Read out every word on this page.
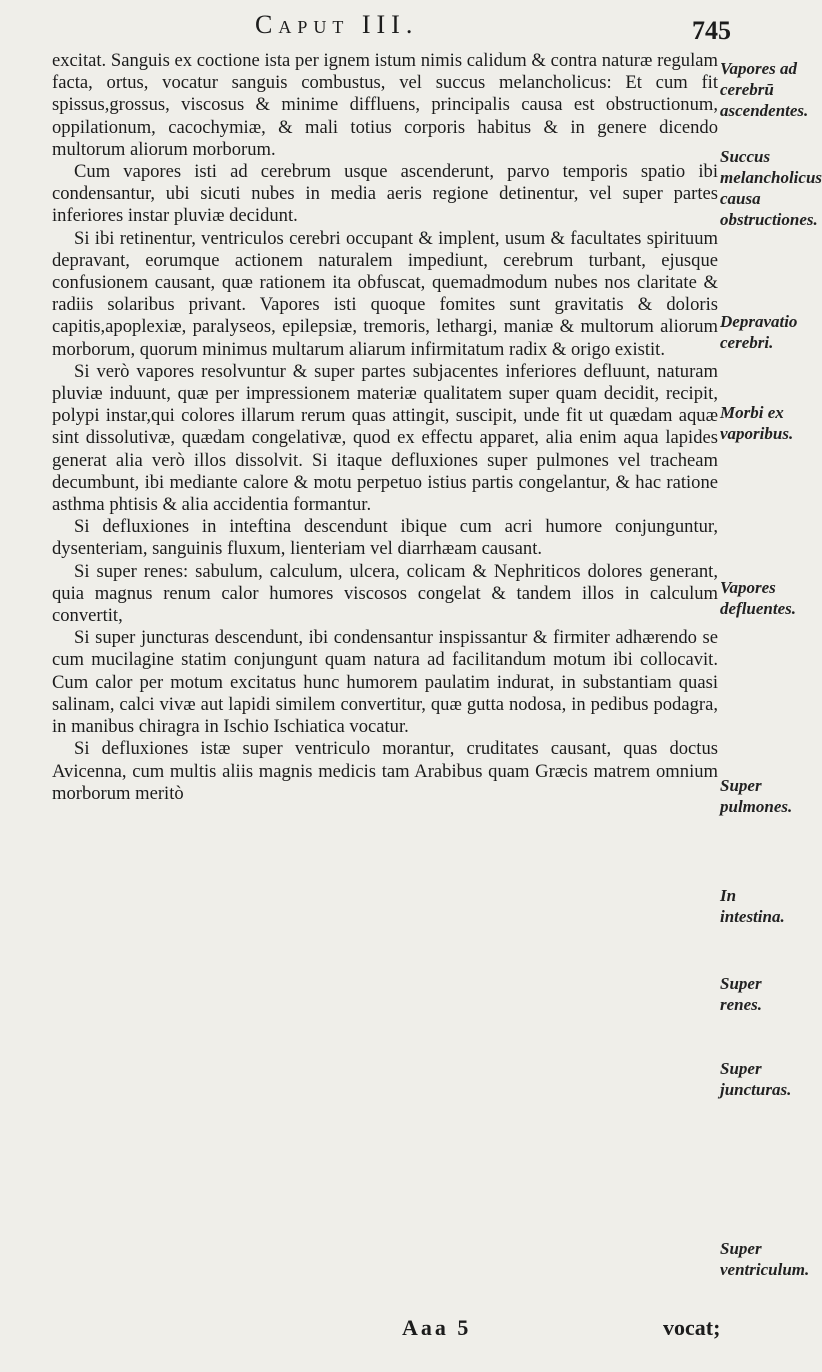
Caput III.	745

excitat. Sanguis ex coctione ista per ignem istum nimis calidum & contra naturæ regulam facta, ortus, vocatur sanguis combustus, vel succus melancholicus: Et cum fit spissus,grossus, viscosus & minime diffluens, principalis causa est obstructionum, oppilationum, cacochymiæ, & mali totius corporis habitus & in genere dicendo multorum aliorum morborum.

Cum vapores isti ad cerebrum usque ascenderunt, parvo temporis spatio ibi condensantur, ubi sicuti nubes in media aeris regione detinentur, vel super partes inferiores instar pluviæ decidunt.

Si ibi retinentur, ventriculos cerebri occupant & implent, usum & facultates spirituum depravant, eorumque actionem naturalem impediunt, cerebrum turbant, ejusque confusionem causant, quæ rationem ita obfuscat, quemadmodum nubes nos claritate & radiis solaribus privant. Vapores isti quoque fomites sunt gravitatis & doloris capitis,apoplexiæ, paralyseos, epilepsiæ, tremoris, lethargi, maniæ & multorum aliorum morborum, quorum minimus multarum aliarum infirmitatum radix & origo existit.

Si verò vapores resolvuntur & super partes subjacentes inferiores defluunt, naturam pluviæ induunt, quæ per impressionem materiæ qualitatem super quam decidit, recipit, polypi instar,qui colores illarum rerum quas attingit, suscipit, unde fit ut quædam aquæ sint dissolutivæ, quædam congelativæ, quod ex effectu apparet, alia enim aqua lapides generat alia verò illos dissolvit. Si itaque defluxiones super pulmones vel tracheam decumbunt, ibi mediante calore & motu perpetuo istius partis congelantur, & hac ratione asthma phtisis & alia accidentia formantur.

Si defluxiones in inteftina descendunt ibique cum acri humore conjunguntur, dysenteriam, sanguinis fluxum, lienteriam vel diarrhæam causant.

Si super renes: sabulum, calculum, ulcera, colicam & Nephriticos dolores generant, quia magnus renum calor humores viscosos congelat & tandem illos in calculum convertit,

Si super juncturas descendunt, ibi condensantur inspissantur & firmiter adhærendo se cum mucilagine statim conjungunt quam natura ad facilitandum motum ibi collocavit. Cum calor per motum excitatus hunc humorem paulatim indurat, in substantiam quasi salinam, calci vivæ aut lapidi similem convertitur, quæ gutta nodosa, in pedibus podagra, in manibus chiragra in Ischio Ischiatica vocatur.

Si defluxiones istæ super ventriculo morantur, cruditates causant, quas doctus Avicenna, cum multis aliis magnis medicis tam Arabibus quam Græcis matrem omnium morborum meritò

Vapores ad cerebrū ascendentes.
Succus melancholicus causa obstructiones.
Depravatio cerebri.
Morbi ex vaporibus.
Vapores defluentes.
Super pulmones.
In intestina.
Super renes.
Super juncturas.
Super ventriculum.
Aaa 5	vocat;
